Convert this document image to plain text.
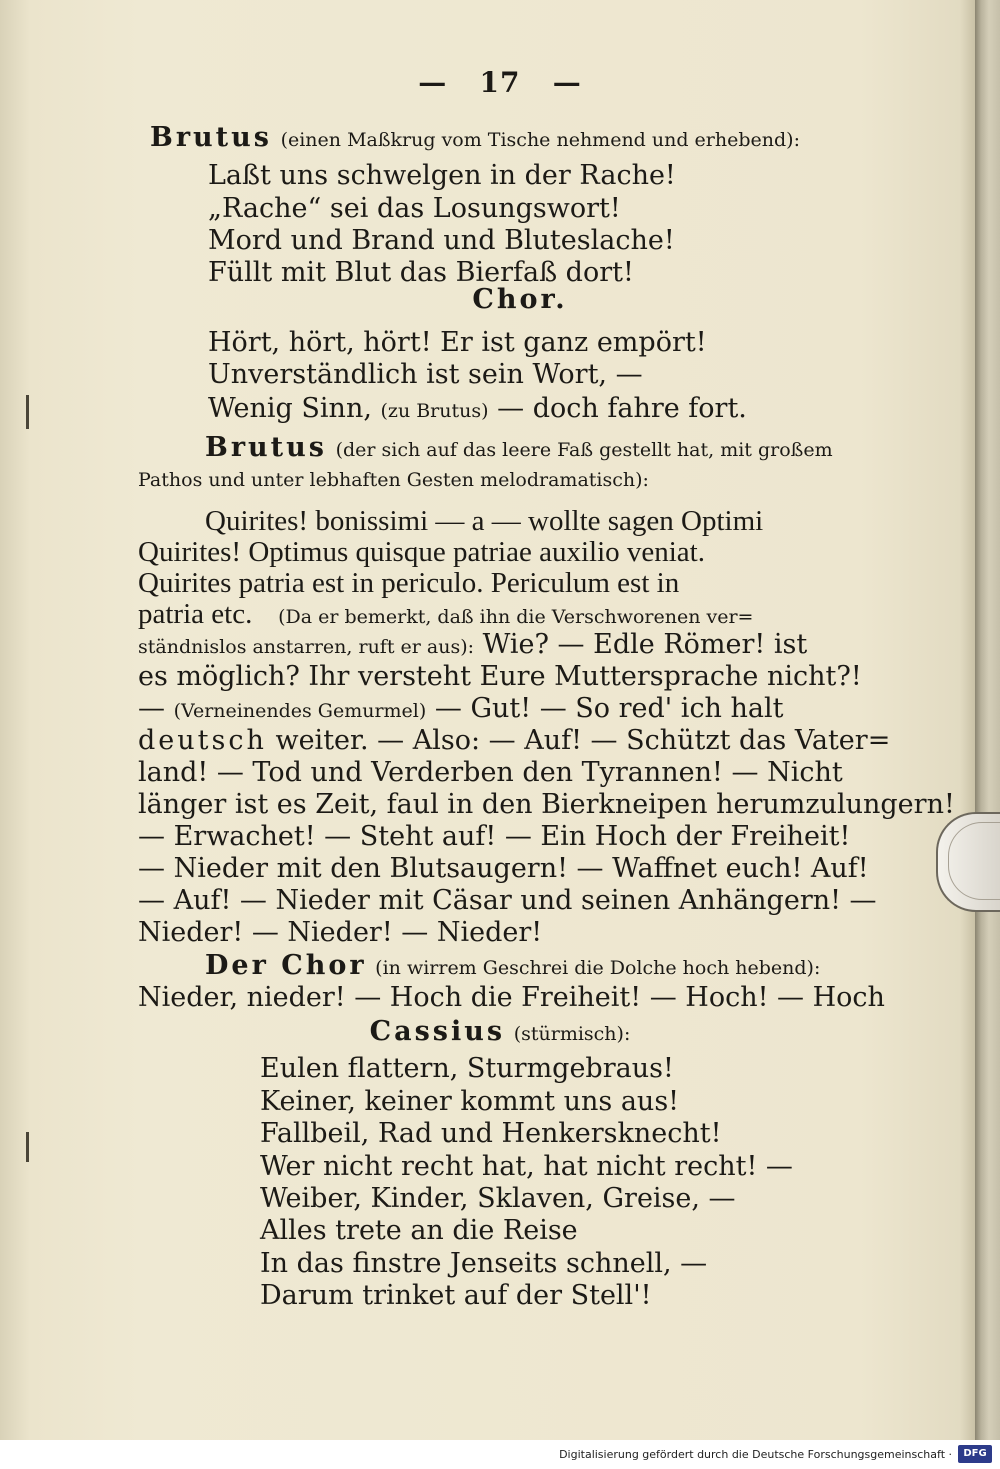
— 17 —
Brutus (einen Maßkrug vom Tische nehmend und erhebend):
Laßt uns schwelgen in der Rache!
„Rache“ sei das Losungswort!
Mord und Brand und Bluteslache!
Füllt mit Blut das Bierfaß dort!
Chor.
Hört, hört, hört! Er ist ganz empört!
Unverständlich ist sein Wort, —
Wenig Sinn, (zu Brutus) — doch fahre fort.
Brutus (der sich auf das leere Faß gestellt hat, mit großem
Pathos und unter lebhaften Gesten melodramatisch):
Quirites! bonissimi — a — wollte sagen Optimi
Quirites! Optimus quisque patriae auxilio veniat.
Quirites patria est in periculo. Periculum est in
patria etc. (Da er bemerkt, daß ihn die Verschworenen ver=
ständnislos anstarren, ruft er aus): Wie? — Edle Römer! ist
es möglich? Ihr versteht Eure Muttersprache nicht?!
— (Verneinendes Gemurmel) — Gut! — So red' ich halt
deutsch weiter. — Also: — Auf! — Schützt das Vater=
land! — Tod und Verderben den Tyrannen! — Nicht
länger ist es Zeit, faul in den Bierkneipen herumzulungern!
— Erwachet! — Steht auf! — Ein Hoch der Freiheit!
— Nieder mit den Blutsaugern! — Waffnet euch! Auf!
— Auf! — Nieder mit Cäsar und seinen Anhängern! —
Nieder! — Nieder! — Nieder!
Der Chor (in wirrem Geschrei die Dolche hoch hebend):
Nieder, nieder! — Hoch die Freiheit! — Hoch! — Hoch
Cassius (stürmisch):
Eulen flattern, Sturmgebraus!
Keiner, keiner kommt uns aus!
Fallbeil, Rad und Henkersknecht!
Wer nicht recht hat, hat nicht recht! —
Weiber, Kinder, Sklaven, Greise, —
Alles trete an die Reise
In das finstre Jenseits schnell, —
Darum trinket auf der Stell'!
Digitalisierung gefördert durch die Deutsche Forschungsgemeinschaft ·	DFG
